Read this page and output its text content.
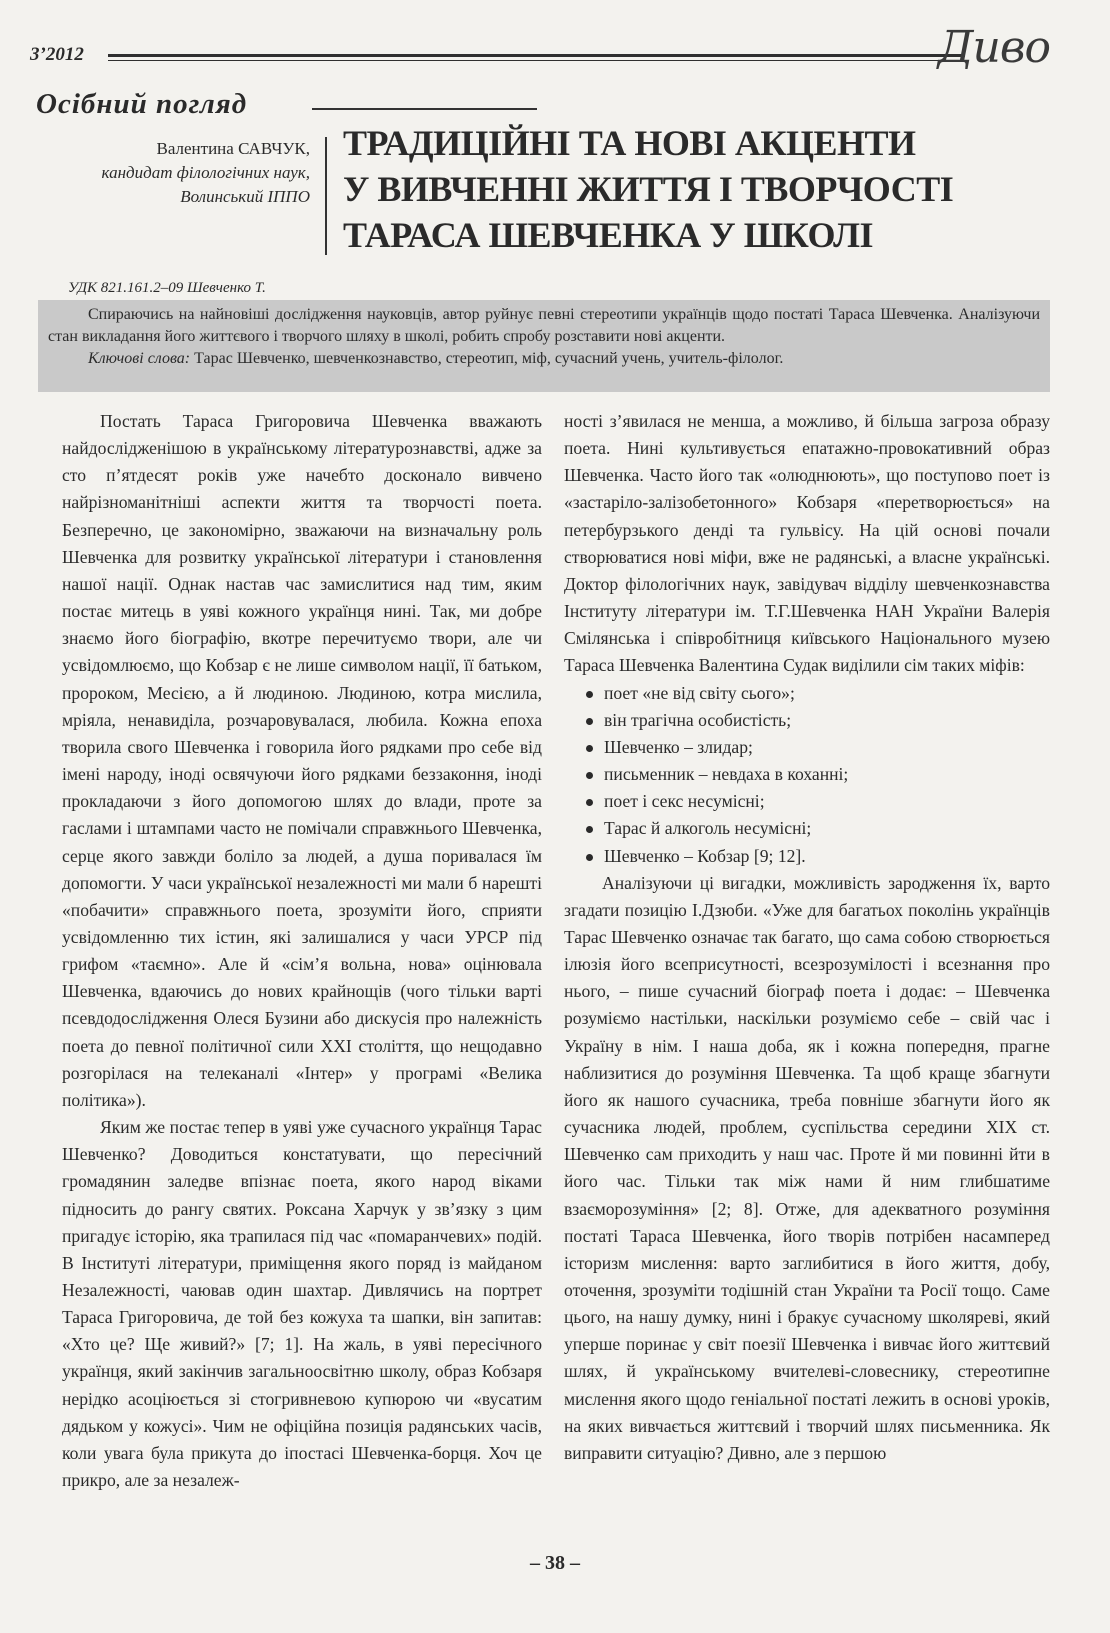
3’2012	Диво
Осібний погляд
Валентина САВЧУК,
кандидат філологічних наук,
Волинський ІППО
ТРАДИЦІЙНІ ТА НОВІ АКЦЕНТИ
У ВИВЧЕННІ ЖИТТЯ І ТВОРЧОСТІ
ТАРАСА ШЕВЧЕНКА У ШКОЛІ
УДК 821.161.2–09 Шевченко Т.

Спираючись на найновіші дослідження науковців, автор руйнує певні стереотипи українців щодо постаті Тараса Шевченка. Аналізуючи стан викладання його життєвого і творчого шляху в школі, робить спробу розставити нові акценти.

Ключові слова: Тарас Шевченко, шевченкознавство, стереотип, міф, сучасний учень, учитель-філолог.

Постать Тараса Григоровича Шевченка вважають найдослідженішою в українському літературознавстві, адже за сто п’ятдесят років уже начебто досконало вивчено найрізноманітніші аспекти життя та творчості поета. Безперечно, це закономірно, зважаючи на визначальну роль Шевченка для розвитку української літератури і становлення нашої нації. Однак настав час замислитися над тим, яким постає митець в уяві кожного українця нині. Так, ми добре знаємо його біографію, вкотре перечитуємо твори, але чи усвідомлюємо, що Кобзар є не лише символом нації, її батьком, пророком, Месією, а й людиною. Людиною, котра мислила, мріяла, ненавиділа, розчаровувалася, любила. Кожна епоха творила свого Шевченка і говорила його рядками про себе від імені народу, іноді освячуючи його рядками беззаконня, іноді прокладаючи з його допомогою шлях до влади, проте за гаслами і штампами часто не помічали справжнього Шевченка, серце якого завжди боліло за людей, а душа поривалася їм допомогти. У часи української незалежності ми мали б нарешті «побачити» справжнього поета, зрозуміти його, сприяти усвідомленню тих істин, які залишалися у часи УРСР під грифом «таємно». Але й «сім’я вольна, нова» оцінювала Шевченка, вдаючись до нових крайнощів (чого тільки варті псевдодослідження Олеся Бузини або дискусія про належність поета до певної політичної сили XXI століття, що нещодавно розгорілася на телеканалі «Інтер» у програмі «Велика політика»).

Яким же постає тепер в уяві уже сучасного українця Тарас Шевченко? Доводиться констатувати, що пересічний громадянин заледве впізнає поета, якого народ віками підносить до рангу святих. Роксана Харчук у зв’язку з цим пригадує історію, яка трапилася під час «помаранчевих» подій. В Інституті літератури, приміщення якого поряд із майданом Незалежності, чаював один шахтар. Дивлячись на портрет Тараса Григоровича, де той без кожуха та шапки, він запитав: «Хто це? Ще живий?» [7; 1]. На жаль, в уяві пересічного українця, який закінчив загальноосвітню школу, образ Кобзаря нерідко асоціюється зі стогривневою купюрою чи «вусатим дядьком у кожусі». Чим не офіційна позиція радянських часів, коли увага була прикута до іпостасі Шевченка-борця. Хоч це прикро, але за незалеж-

ності з’явилася не менша, а можливо, й більша загроза образу поета. Нині культивується епатажно-провокативний образ Шевченка. Часто його так «олюднюють», що поступово поет із «застаріло-залізобетонного» Кобзаря «перетворюється» на петербурзького денді та гульвісу. На цій основі почали створюватися нові міфи, вже не радянські, а власне українські. Доктор філологічних наук, завідувач відділу шевченкознавства Інституту літератури ім. Т.Г.Шевченка НАН України Валерія Смілянська і співробітниця київського Національного музею Тараса Шевченка Валентина Судак виділили сім таких міфів:

поет «не від світу сього»;
він трагічна особистість;
Шевченко – злидар;
письменник – невдаха в коханні;
поет і секс несумісні;
Тарас й алкоголь несумісні;
Шевченко – Кобзар [9; 12].

Аналізуючи ці вигадки, можливість зародження їх, варто згадати позицію І.Дзюби. «Уже для багатьох поколінь українців Тарас Шевченко означає так багато, що сама собою створюється ілюзія його всеприсутності, всезрозумілості і всезнання про нього, – пише сучасний біограф поета і додає: – Шевченка розуміємо настільки, наскільки розуміємо себе – свій час і Україну в нім. І наша доба, як і кожна попередня, прагне наблизитися до розуміння Шевченка. Та щоб краще збагнути його як нашого сучасника, треба повніше збагнути його як сучасника людей, проблем, суспільства середини XIX ст. Шевченко сам приходить у наш час. Проте й ми повинні йти в його час. Тільки так між нами й ним глибшатиме взаєморозуміння» [2; 8]. Отже, для адекватного розуміння постаті Тараса Шевченка, його творів потрібен насамперед історизм мислення: варто заглибитися в його життя, добу, оточення, зрозуміти тодішній стан України та Росії тощо. Саме цього, на нашу думку, нині і бракує сучасному школяреві, який уперше поринає у світ поезії Шевченка і вивчає його життєвий шлях, й українському вчителеві-словеснику, стереотипне мислення якого щодо геніальної постаті лежить в основі уроків, на яких вивчається життєвий і творчий шлях письменника. Як виправити ситуацію? Дивно, але з першою

– 38 –
